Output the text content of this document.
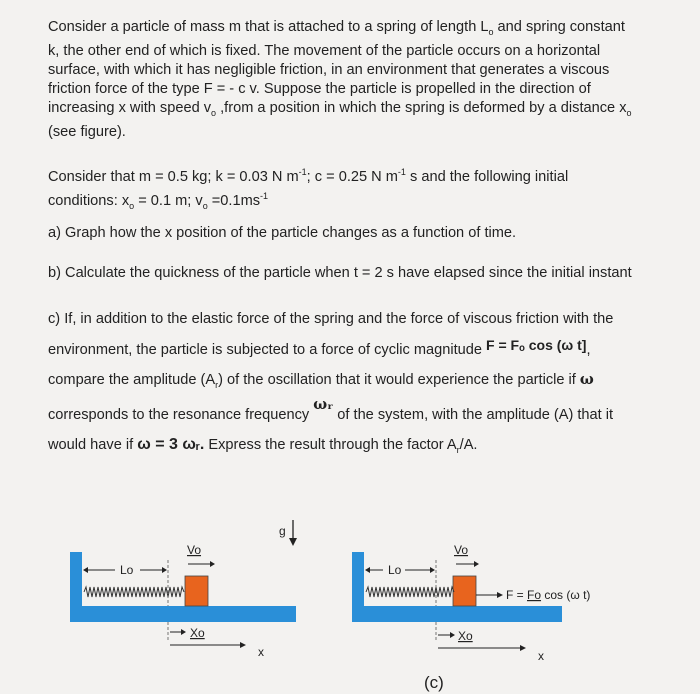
Consider a particle of mass m that is attached to a spring of length $L_o$ and spring constant
k, the other end of which is fixed. The movement of the particle occurs on a horizontal
surface, with which it has negligible friction, in an environment that generates a viscous
friction force of the type F = - c v. Suppose the particle is propelled in the direction of
increasing x with speed $v_o$ ,from a position in which the spring is deformed by a distance $x_o$
(see figure).
Consider that m = 0.5 kg; k = 0.03 N $m^{-1}$; c = 0.25 N $m^{-1}$ s and the following initial
conditions: $x_o = 0.1$ m; $v_o =0.1ms^{-1}$
a) Graph how the x position of the particle changes as a function of time.
b) Calculate the quickness of the particle when t = 2 s have elapsed since the initial instant
c) If, in addition to the elastic force of the spring and the force of viscous friction with the
environment, the particle is subjected to a force of cyclic magnitude F = Fₒ cos (ω t],
compare the amplitude $(A_r)$ of the oscillation that it would experience the particle if ω
corresponds to the resonance frequency ωᵣ of the system, with the amplitude (A) that it
would have if ω = 3 ωᵣ. Express the result through the factor $A_r/A$.
g
Lo
Vo
Xo
x
Lo
Vo
F = Fo cos (ω t)
Xo
x
(c)
